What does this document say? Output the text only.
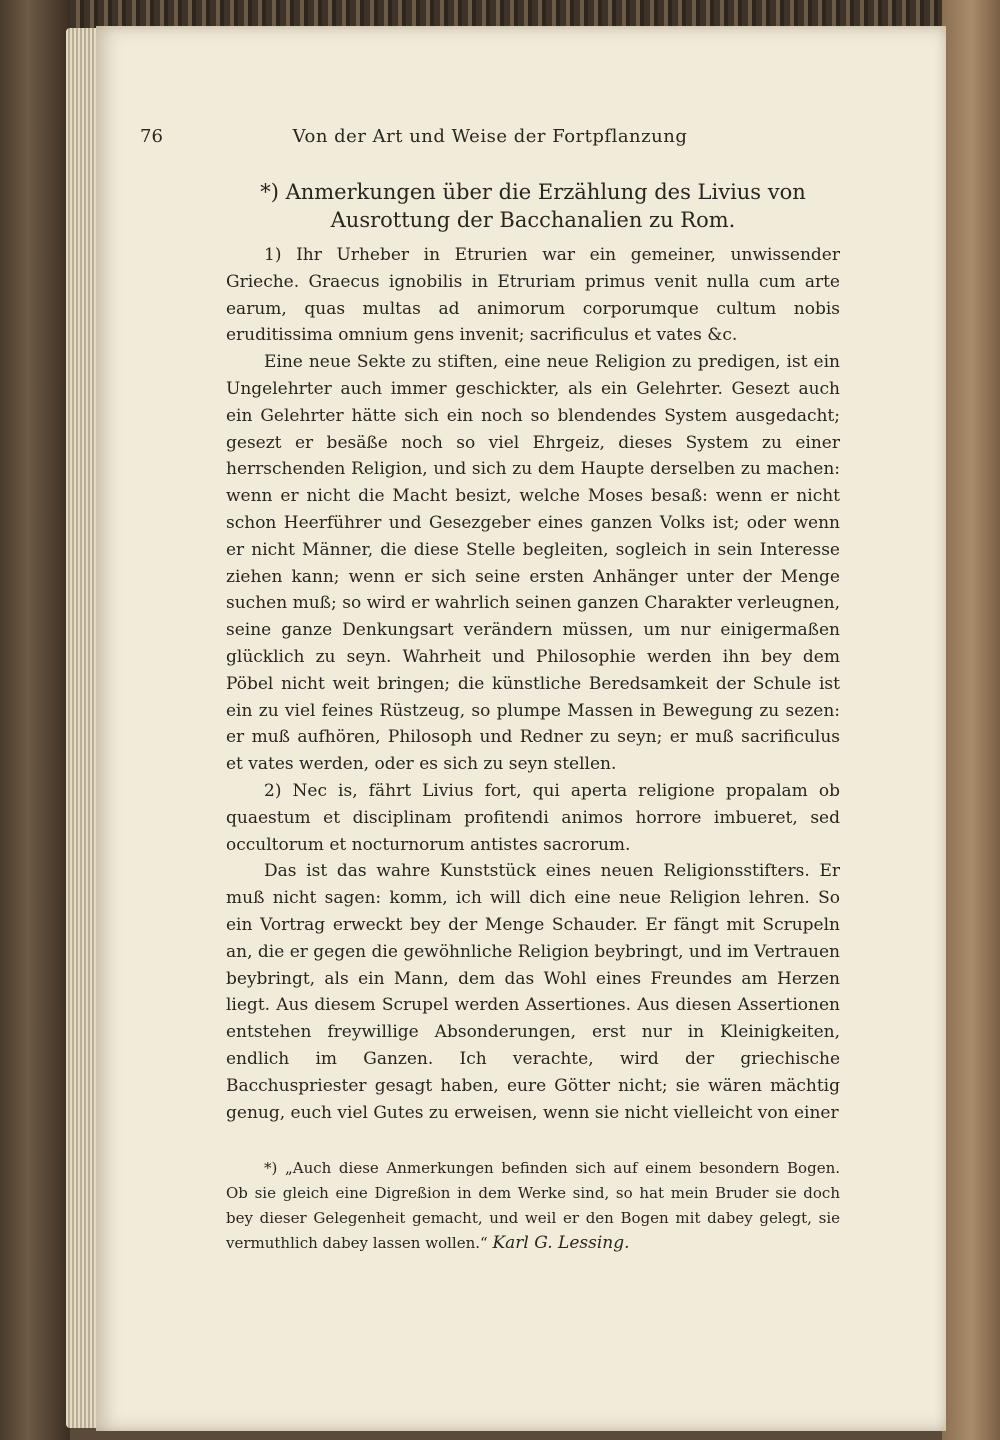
76	Von der Art und Weise der Fortpflanzung

*) Anmerkungen über die Erzählung des Livius von Ausrottung der Bacchanalien zu Rom.

1) Ihr Urheber in Etrurien war ein gemeiner, unwissender Grieche. Graecus ignobilis in Etruriam primus venit nulla cum arte earum, quas multas ad animorum corporumque cultum nobis eruditissima omnium gens invenit; sacrificulus et vates &c.

Eine neue Sekte zu stiften, eine neue Religion zu predigen, ist ein Ungelehrter auch immer geschickter, als ein Gelehrter. Gesezt auch ein Gelehrter hätte sich ein noch so blendendes System ausgedacht; gesezt er besäße noch so viel Ehrgeiz, dieses System zu einer herrschenden Religion, und sich zu dem Haupte derselben zu machen: wenn er nicht die Macht besizt, welche Moses besaß: wenn er nicht schon Heerführer und Gesezgeber eines ganzen Volks ist; oder wenn er nicht Männer, die diese Stelle begleiten, sogleich in sein Interesse ziehen kann; wenn er sich seine ersten Anhänger unter der Menge suchen muß; so wird er wahrlich seinen ganzen Charakter verleugnen, seine ganze Denkungsart verändern müssen, um nur einigermaßen glücklich zu seyn. Wahrheit und Philosophie werden ihn bey dem Pöbel nicht weit bringen; die künstliche Beredsamkeit der Schule ist ein zu viel feines Rüstzeug, so plumpe Massen in Bewegung zu sezen: er muß aufhören, Philosoph und Redner zu seyn; er muß sacrificulus et vates werden, oder es sich zu seyn stellen.

2) Nec is, fährt Livius fort, qui aperta religione propalam ob quaestum et disciplinam profitendi animos horrore imbueret, sed occultorum et nocturnorum antistes sacrorum.

Das ist das wahre Kunststück eines neuen Religionsstifters. Er muß nicht sagen: komm, ich will dich eine neue Religion lehren. So ein Vortrag erweckt bey der Menge Schauder. Er fängt mit Scrupeln an, die er gegen die gewöhnliche Religion beybringt, und im Vertrauen beybringt, als ein Mann, dem das Wohl eines Freundes am Herzen liegt. Aus diesem Scrupel werden Assertiones. Aus diesen Assertionen entstehen freywillige Absonderungen, erst nur in Kleinigkeiten, endlich im Ganzen. Ich verachte, wird der griechische Bacchuspriester gesagt haben, eure Götter nicht; sie wären mächtig genug, euch viel Gutes zu erweisen, wenn sie nicht vielleicht von einer

*) „Auch diese Anmerkungen befinden sich auf einem besondern Bogen. Ob sie gleich eine Digreßion in dem Werke sind, so hat mein Bruder sie doch bey dieser Gelegenheit gemacht, und weil er den Bogen mit dabey gelegt, sie vermuthlich dabey lassen wollen.“ Karl G. Lessing.
